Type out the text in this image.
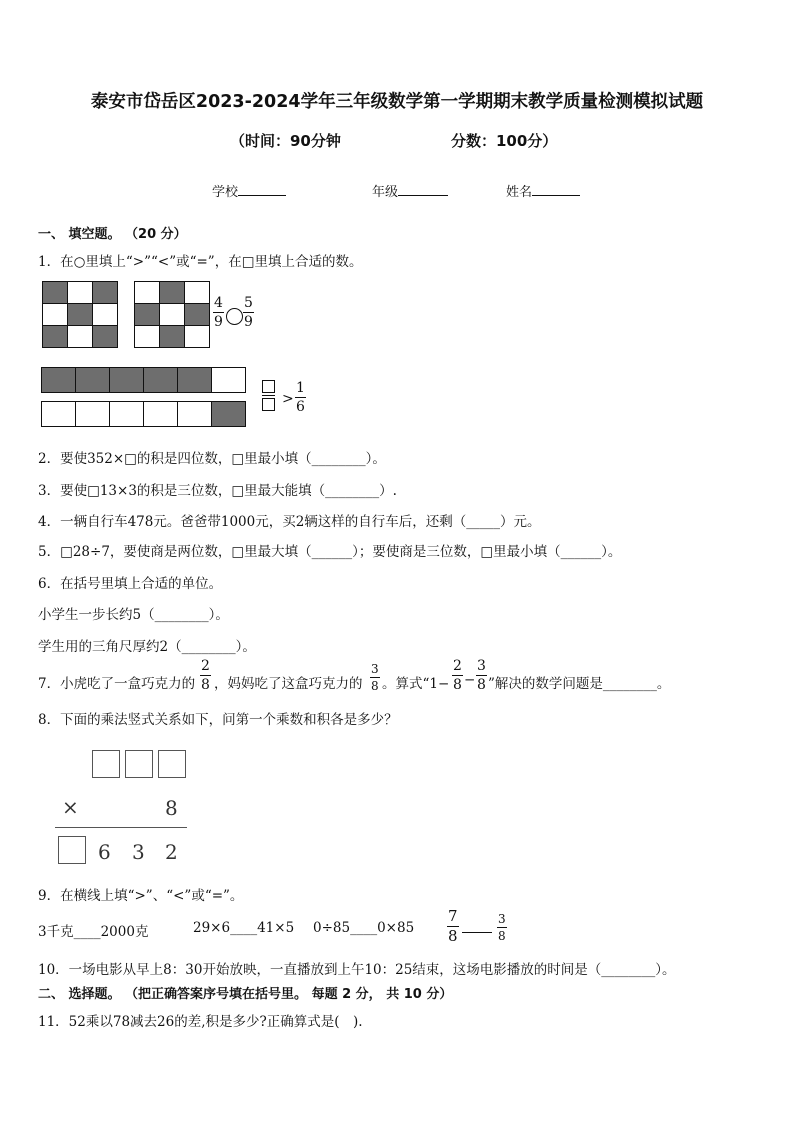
泰安市岱岳区2023-2024学年三年级数学第一学期期末教学质量检测模拟试题
（时间：90分钟	分数：100分）
学校	年级	姓名
一、 填空题。 （20 分）
1．在○里填上“>”“<”或“=”，在□里填上合适的数。

4
9
5
9

>
1
6
2．要使352×□的积是四位数，□里最小填（________）。
3．要使□13×3的积是三位数，□里最大能填（________）.
4．一辆自行车478元。爸爸带1000元，买2辆这样的自行车后，还剩（_____）元。
5．□28÷7，要使商是两位数，□里最大填（______）；要使商是三位数，□里最小填（______）。
6．在括号里填上合适的单位。
小学生一步长约5（________）。
学生用的三角尺厚约2（________）。
7．小虎吃了一盒巧克力的
2
8 ，妈妈吃了这盒巧克力的
3
8 。算式“1−
2
8 −
3
8 ”解决的数学问题是________。
8．下面的乘法竖式关系如下，问第一个乘数和积各是多少？
×	8
6 3 2
9．在横线上填“>”、“<”或“=”。
3千克____2000克	29×6____41×5 0÷85____0×85
7
8
3
8
10．一场电影从早上8：30开始放映，一直播放到上午10：25结束，这场电影播放的时间是（________）。
二、 选择题。 （把正确答案序号填在括号里。 每题 2 分， 共 10 分）
11．52乘以78减去26的差,积是多少?正确算式是(　).
